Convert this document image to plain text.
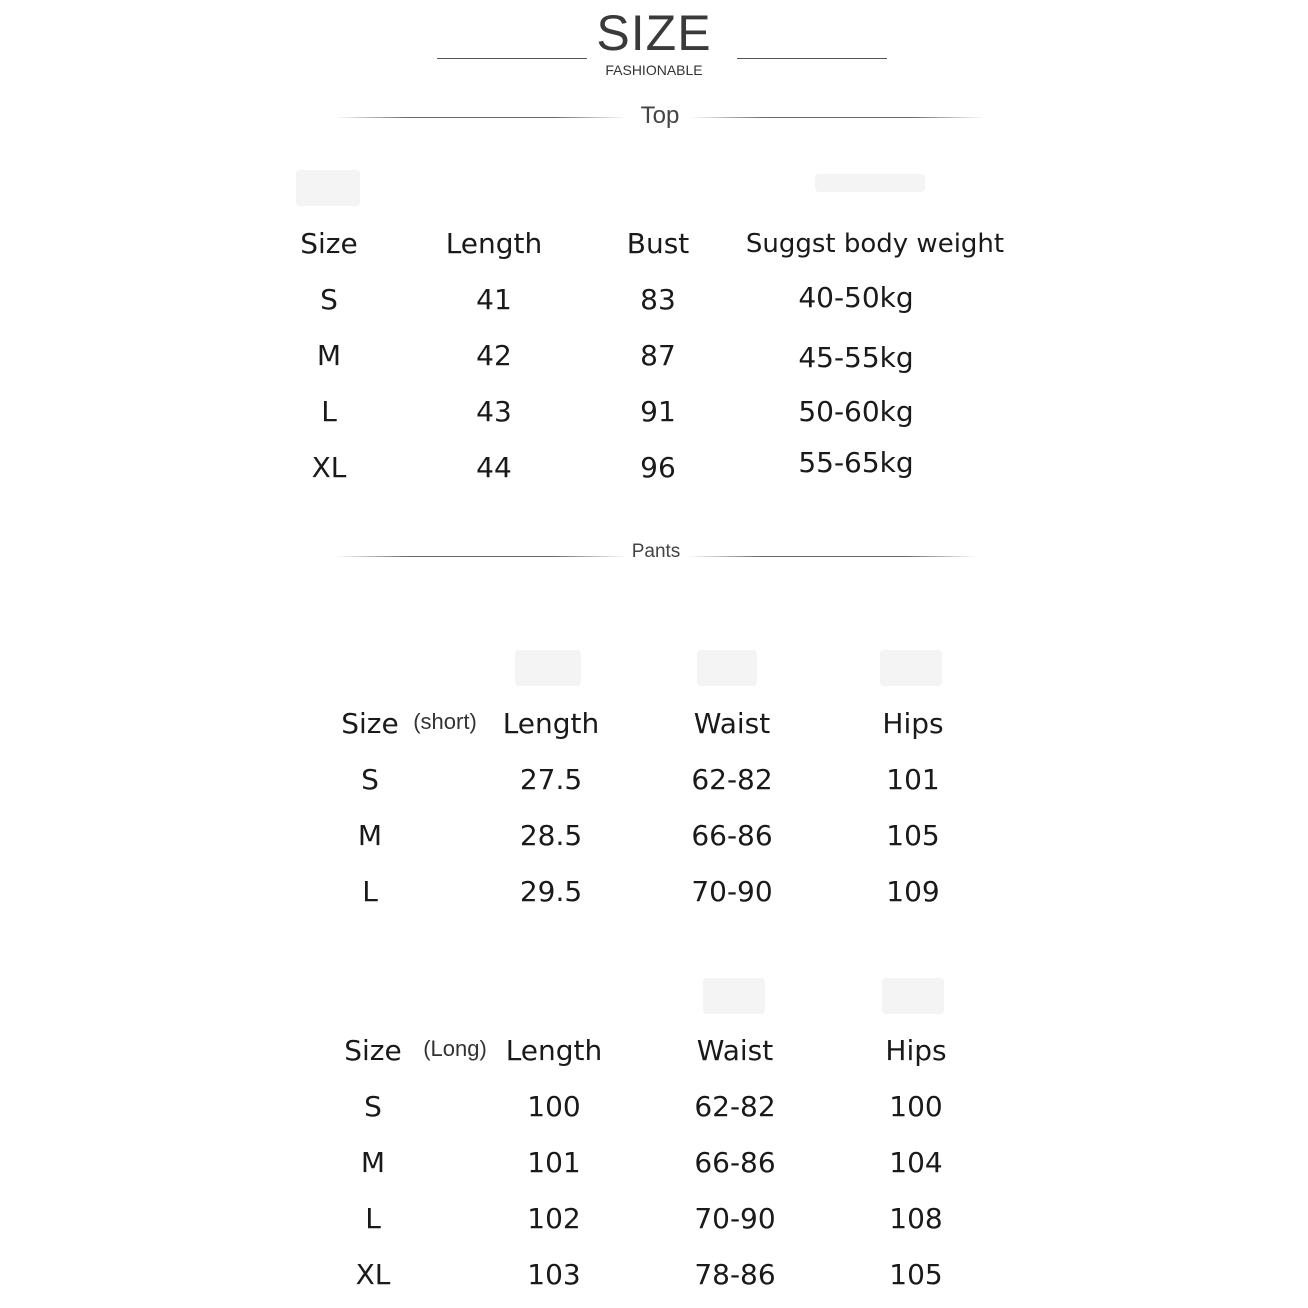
SIZE
FASHIONABLE
Top
Size	Length	Bust	Suggst body weight
S	41	83	40-50kg
M	42	87	45-55kg
L	43	91	50-60kg
XL	44	96	55-65kg
Pants
Size (short) Length	Waist	Hips
S	27.5	62-82	101
M	28.5	66-86	105
L	29.5	70-90	109
Size (Long) Length	Waist	Hips
S	100	62-82	100
M	101	66-86	104
L	102	70-90	108
XL	103	78-86	105
